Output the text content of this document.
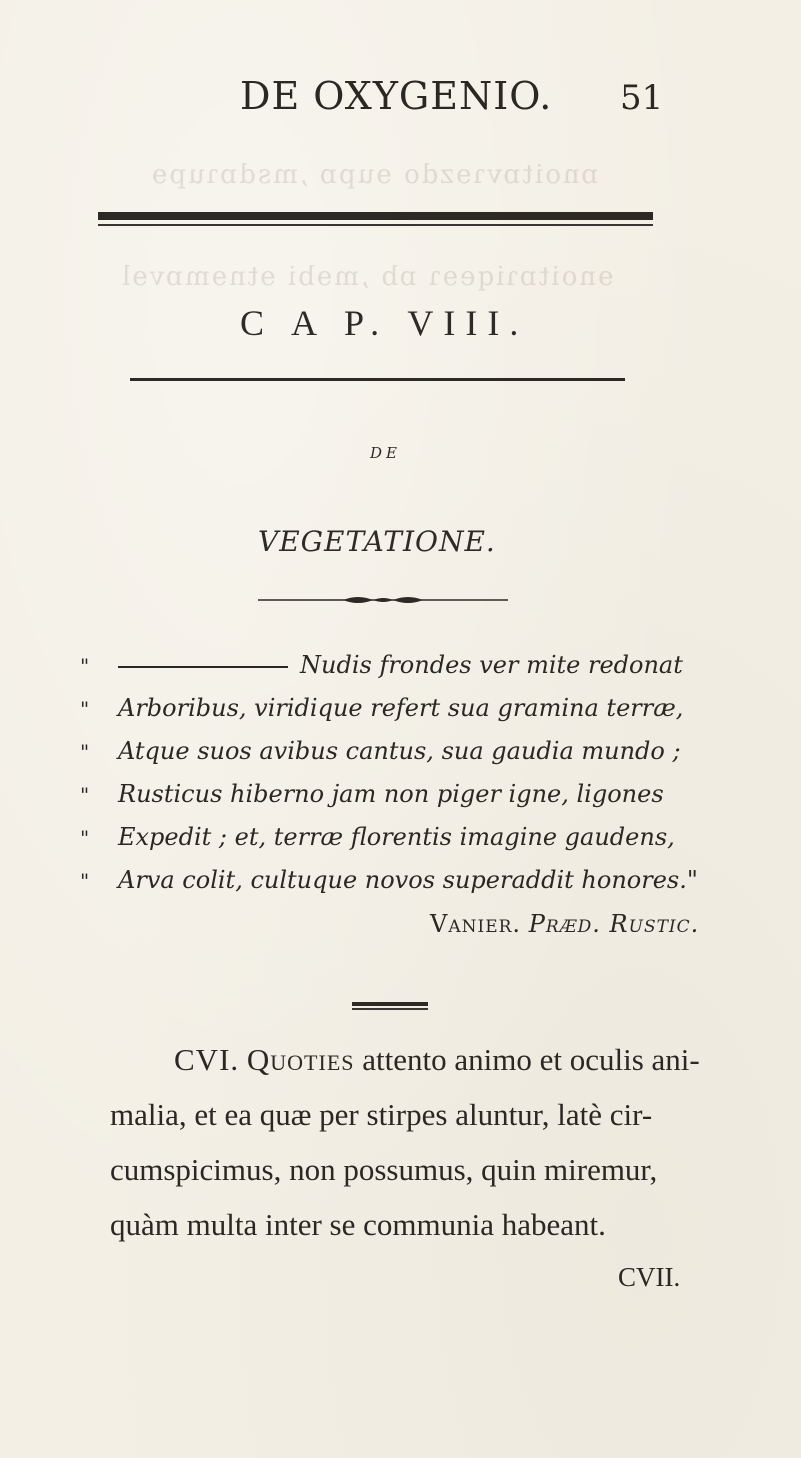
ɒnoitɒvɿɘzdo ɘupɒ ,msdɒɿupɘ
ɘnoitɒɿiqeɘɿ ɒb ,mɘbi ɘtnɘmɒvɘl
DE OXYGENIO. 51
C A P. VIII.
DE
VEGETATIONE.
"	Nudis frondes ver mite redonat
" Arboribus, viridique refert sua gramina terræ,
" Atque suos avibus cantus, sua gaudia mundo ;
" Rusticus hiberno jam non piger igne, ligones
" Expedit ; et, terræ florentis imagine gaudens,
" Arva colit, cultuque novos superaddit honores."
Vanier. Præd. Rustic.
CVI. Quoties attento animo et oculis ani-
malia, et ea quæ per stirpes aluntur, latè cir-
cumspicimus, non possumus, quin miremur,
quàm multa inter se communia habeant.
CVII.
